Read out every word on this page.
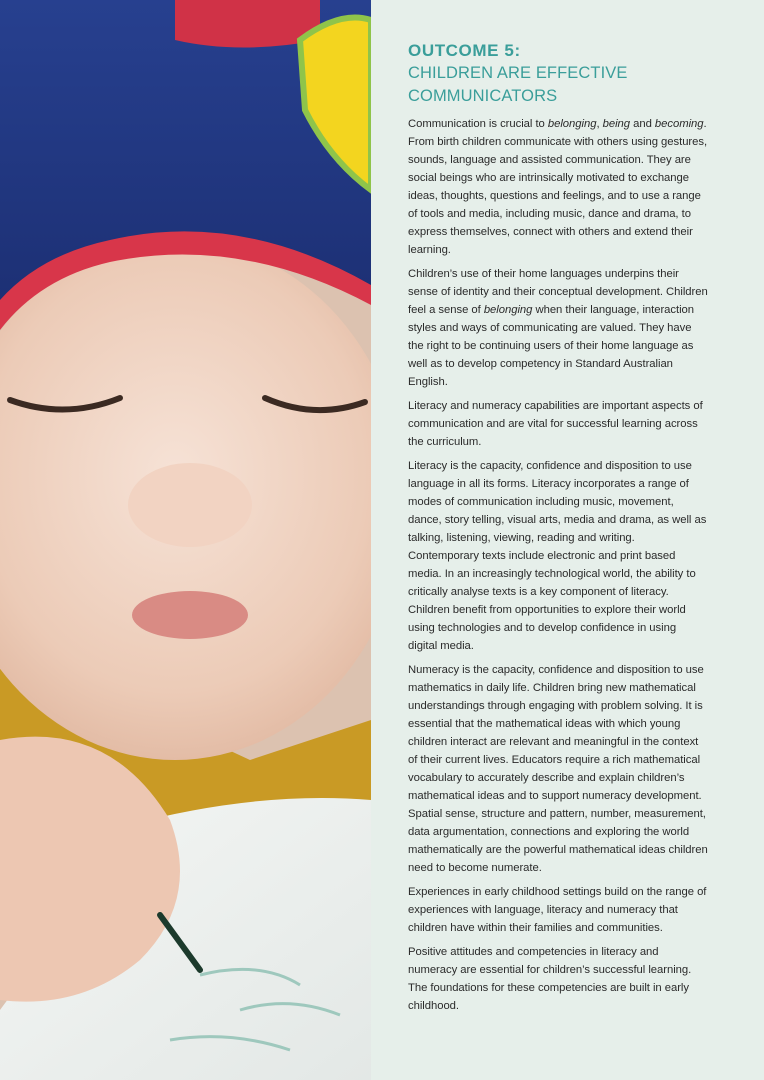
OUTCOME 5:
CHILDREN ARE EFFECTIVE
COMMUNICATORS

Communication is crucial to belonging, being and becoming. From birth children communicate with others using gestures, sounds, language and assisted communication. They are social beings who are intrinsically motivated to exchange ideas, thoughts, questions and feelings, and to use a range of tools and media, including music, dance and drama, to express themselves, connect with others and extend their learning.

Children’s use of their home languages underpins their sense of identity and their conceptual development. Children feel a sense of belonging when their language, interaction styles and ways of communicating are valued. They have the right to be continuing users of their home language as well as to develop competency in Standard Australian English.

Literacy and numeracy capabilities are important aspects of communication and are vital for successful learning across the curriculum.

Literacy is the capacity, confidence and disposition to use language in all its forms. Literacy incorporates a range of modes of communication including music, movement, dance, story telling, visual arts, media and drama, as well as talking, listening, viewing, reading and writing. Contemporary texts include electronic and print based media. In an increasingly technological world, the ability to critically analyse texts is a key component of literacy. Children benefit from opportunities to explore their world using technologies and to develop confidence in using digital media.

Numeracy is the capacity, confidence and disposition to use mathematics in daily life. Children bring new mathematical understandings through engaging with problem solving. It is essential that the mathematical ideas with which young children interact are relevant and meaningful in the context of their current lives. Educators require a rich mathematical vocabulary to accurately describe and explain children’s mathematical ideas and to support numeracy development. Spatial sense, structure and pattern, number, measurement, data argumentation, connections and exploring the world mathematically are the powerful mathematical ideas children need to become numerate.

Experiences in early childhood settings build on the range of experiences with language, literacy and numeracy that children have within their families and communities.

Positive attitudes and competencies in literacy and numeracy are essential for children’s successful learning. The foundations for these competencies are built in early childhood.
